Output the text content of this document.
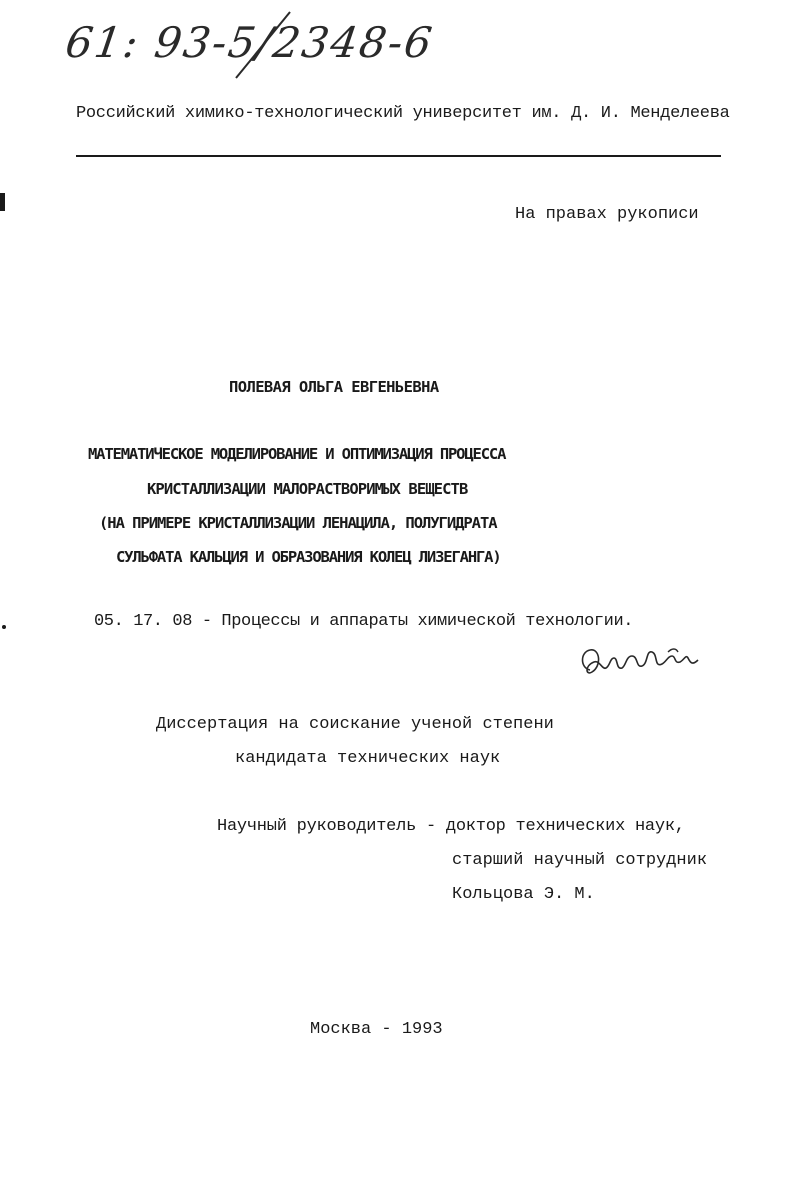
61: 93-5/2348-6
Российский химико-технологический университет им. Д. И. Менделеева
На правах рукописи
ПОЛЕВАЯ ОЛЬГА ЕВГЕНЬЕВНА
МАТЕМАТИЧЕСКОЕ МОДЕЛИРОВАНИЕ И ОПТИМИЗАЦИЯ ПРОЦЕССА
КРИСТАЛЛИЗАЦИИ МАЛОРАСТВОРИМЫХ ВЕЩЕСТВ
(НА ПРИМЕРЕ КРИСТАЛЛИЗАЦИИ ЛЕНАЦИЛА, ПОЛУГИДРАТА
СУЛЬФАТА КАЛЬЦИЯ И ОБРАЗОВАНИЯ КОЛЕЦ ЛИЗЕГАНГА)
05. 17. 08 - Процессы и аппараты химической технологии.
Диссертация на соискание ученой степени
кандидата технических наук
Научный руководитель - доктор технических наук,
старший научный сотрудник
Кольцова Э. М.
Москва - 1993
